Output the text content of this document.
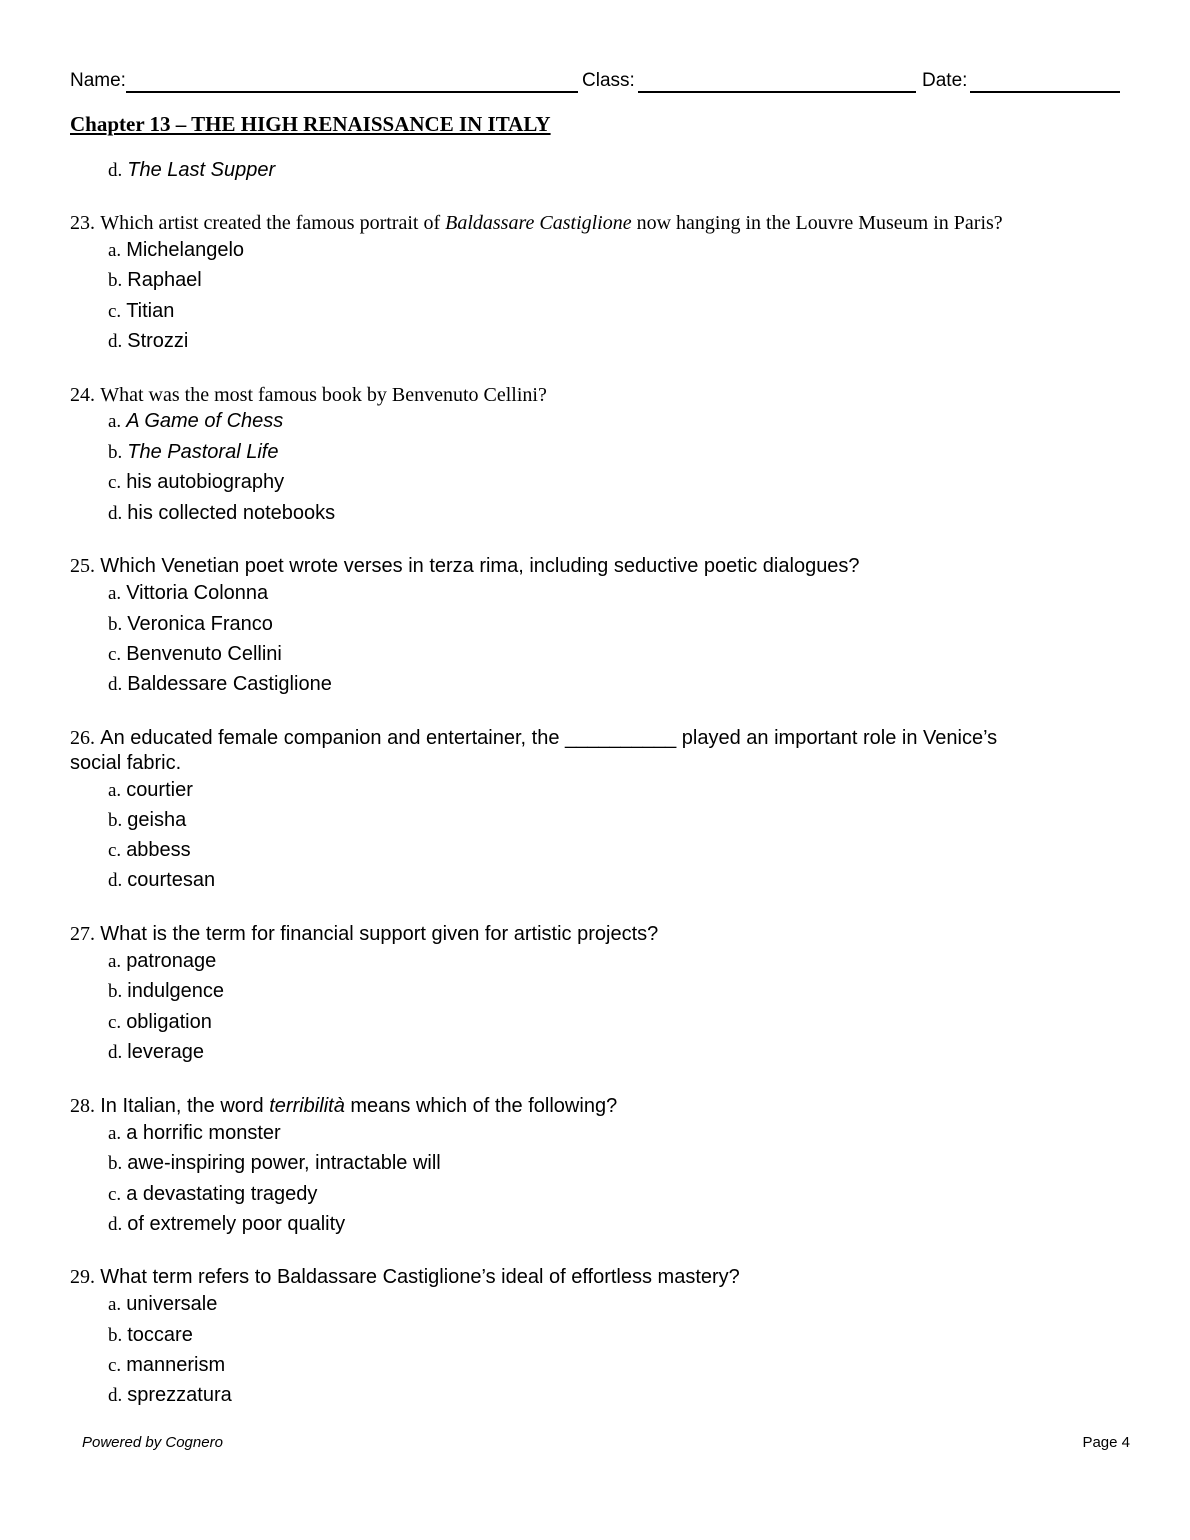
Name:	Class:	Date:
Chapter 13 – THE HIGH RENAISSANCE IN ITALY
d. The Last Supper
23. Which artist created the famous portrait of Baldassare Castiglione now hanging in the Louvre Museum in Paris?
a. Michelangelo
b. Raphael
c. Titian
d. Strozzi
24. What was the most famous book by Benvenuto Cellini?
a. A Game of Chess
b. The Pastoral Life
c. his autobiography
d. his collected notebooks
25. Which Venetian poet wrote verses in terza rima, including seductive poetic dialogues?
a. Vittoria Colonna
b. Veronica Franco
c. Benvenuto Cellini
d. Baldessare Castiglione
26. An educated female companion and entertainer, the __________ played an important role in Venice’s
social fabric.
a. courtier
b. geisha
c. abbess
d. courtesan
27. What is the term for financial support given for artistic projects?
a. patronage
b. indulgence
c. obligation
d. leverage
28. In Italian, the word terribilità means which of the following?
a. a horrific monster
b. awe-inspiring power, intractable will
c. a devastating tragedy
d. of extremely poor quality
29. What term refers to Baldassare Castiglione’s ideal of effortless mastery?
a. universale
b. toccare
c. mannerism
d. sprezzatura
Powered by Cognero	Page 4
